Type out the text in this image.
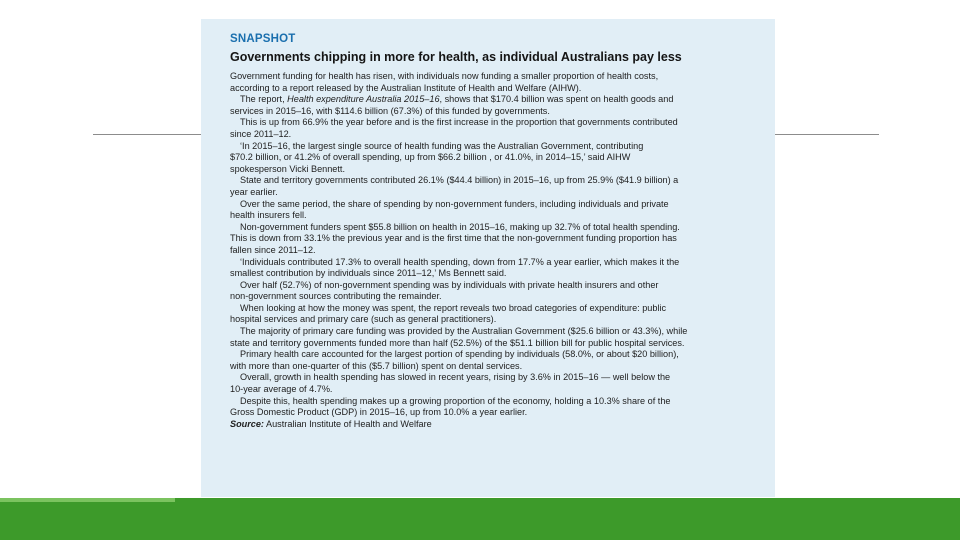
SNAPSHOT
Governments chipping in more for health, as individual Australians pay less

Government funding for health has risen, with individuals now funding a smaller proportion of health costs,
according to a report released by the Australian Institute of Health and Welfare (AIHW).

The report, Health expenditure Australia 2015–16, shows that $170.4 billion was spent on health goods and
services in 2015–16, with $114.6 billion (67.3%) of this funded by governments.

This is up from 66.9% the year before and is the first increase in the proportion that governments contributed
since 2011–12.

‘In 2015–16, the largest single source of health funding was the Australian Government, contributing
$70.2 billion, or 41.2% of overall spending, up from $66.2 billion , or 41.0%, in 2014–15,’ said AIHW
spokesperson Vicki Bennett.

State and territory governments contributed 26.1% ($44.4 billion) in 2015–16, up from 25.9% ($41.9 billion) a
year earlier.

Over the same period, the share of spending by non-government funders, including individuals and private
health insurers fell.

Non-government funders spent $55.8 billion on health in 2015–16, making up 32.7% of total health spending.
This is down from 33.1% the previous year and is the first time that the non-government funding proportion has
fallen since 2011–12.

‘Individuals contributed 17.3% to overall health spending, down from 17.7% a year earlier, which makes it the
smallest contribution by individuals since 2011–12,’ Ms Bennett said.

Over half (52.7%) of non-government spending was by individuals with private health insurers and other
non-government sources contributing the remainder.

When looking at how the money was spent, the report reveals two broad categories of expenditure: public
hospital services and primary care (such as general practitioners).

The majority of primary care funding was provided by the Australian Government ($25.6 billion or 43.3%), while
state and territory governments funded more than half (52.5%) of the $51.1 billion bill for public hospital services.

Primary health care accounted for the largest portion of spending by individuals (58.0%, or about $20 billion),
with more than one-quarter of this ($5.7 billion) spent on dental services.

Overall, growth in health spending has slowed in recent years, rising by 3.6% in 2015–16 — well below the
10-year average of 4.7%.

Despite this, health spending makes up a growing proportion of the economy, holding a 10.3% share of the
Gross Domestic Product (GDP) in 2015–16, up from 10.0% a year earlier.

Source: Australian Institute of Health and Welfare
